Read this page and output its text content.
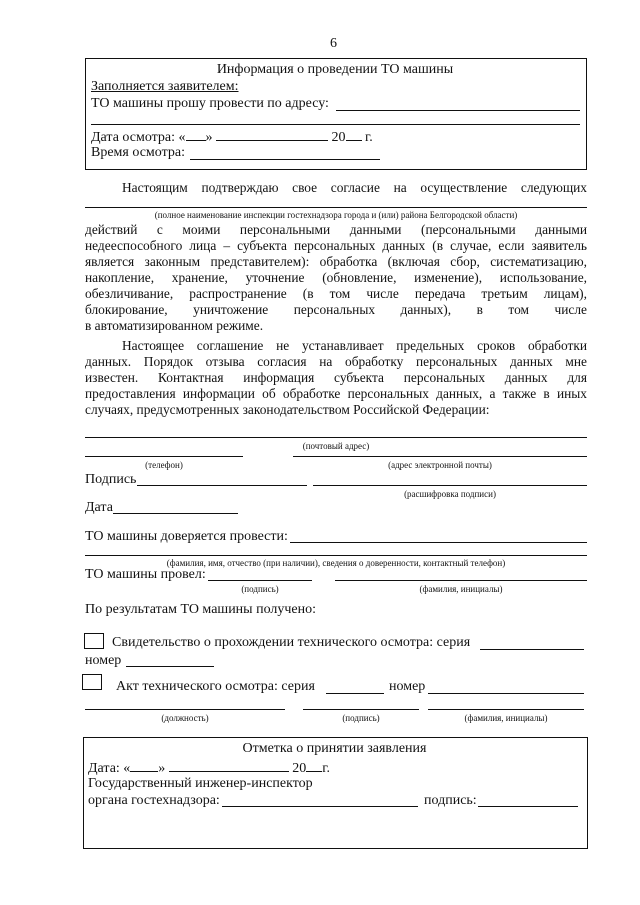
6
Информация о проведении ТО машины
Заполняется заявителем:
ТО машины прошу провести по адресу:
Дата осмотра: « »	20 г.
Время осмотра:
Настоящим подтверждаю свое согласие на осуществление следующих
(полное наименование инспекции гостехнадзора города и (или) района Белгородской области)
действий с моими персональными данными (персональными данными
недееспособного лица – субъекта персональных данных (в случае, если заявитель
является законным представителем): обработка (включая сбор, систематизацию,
накопление, хранение, уточнение (обновление, изменение), использование,
обезличивание, распространение (в том числе передача третьим лицам),
блокирование, уничтожение персональных данных), в том числе
в автоматизированном режиме.
Настоящее соглашение не устанавливает предельных сроков обработки
данных. Порядок отзыва согласия на обработку персональных данных мне
известен. Контактная информация субъекта персональных данных для
предоставления информации об обработке персональных данных, а также в иных
случаях, предусмотренных законодательством Российской Федерации:
(почтовый адрес)
(телефон)	(адрес электронной почты)
Подпись
(расшифровка подписи)
Дата
ТО машины доверяется провести:
(фамилия, имя, отчество (при наличии), сведения о доверенности, контактный телефон)
ТО машины провел:
(подпись)	(фамилия, инициалы)
По результатам ТО машины получено:
Свидетельство о прохождении технического осмотра: серия
номер
Акт технического осмотра: серия	номер
(должность)	(подпись)	(фамилия, инициалы)
Отметка о принятии заявления
Дата: « »	20 г.
Государственный инженер-инспектор
органа гостехнадзора:	подпись:
